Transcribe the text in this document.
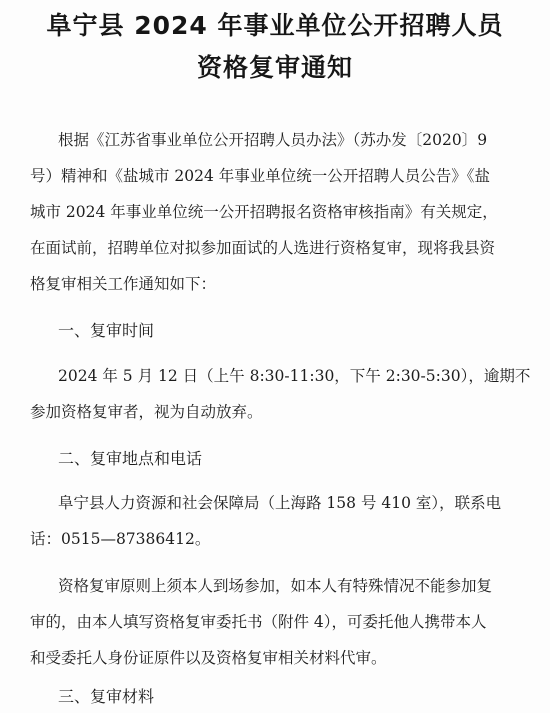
阜宁县 2024 年事业单位公开招聘人员
资格复审通知
根据《江苏省事业单位公开招聘人员办法》（苏办发〔2020〕9
号）精神和《盐城市 2024 年事业单位统一公开招聘人员公告》《盐
城市 2024 年事业单位统一公开招聘报名资格审核指南》有关规定，
在面试前，招聘单位对拟参加面试的人选进行资格复审，现将我县资
格复审相关工作通知如下：
一、复审时间
2024 年 5 月 12 日（上午 8:30-11:30，下午 2:30-5:30），逾期不
参加资格复审者，视为自动放弃。
二、复审地点和电话
阜宁县人力资源和社会保障局（上海路 158 号 410 室），联系电
话：0515—87386412。
资格复审原则上须本人到场参加，如本人有特殊情况不能参加复
审的，由本人填写资格复审委托书（附件 4），可委托他人携带本人
和受委托人身份证原件以及资格复审相关材料代审。
三、复审材料
